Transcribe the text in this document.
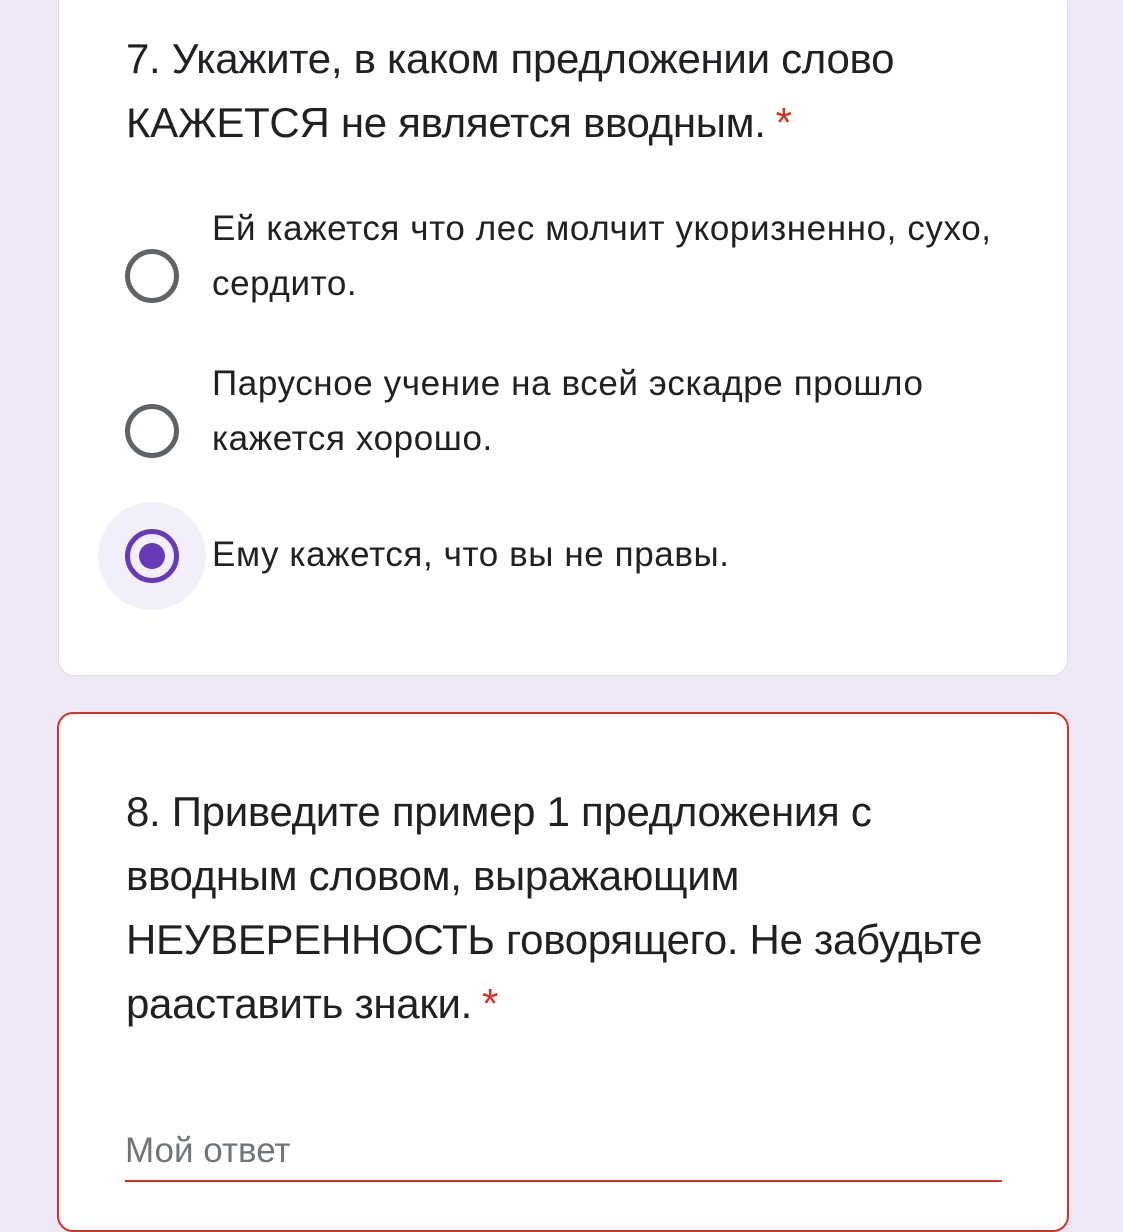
7. Укажите, в каком предложении слово КАЖЕТСЯ не является вводным. *
Ей кажется что лес молчит укоризненно, сухо, сердито.
Парусное учение на всей эскадре прошло кажется хорошо.
Ему кажется, что вы не правы.
8. Приведите пример 1 предложения с вводным словом, выражающим НЕУВЕРЕННОСТЬ говорящего. Не забудьте рааставить знаки. *
Мой ответ
